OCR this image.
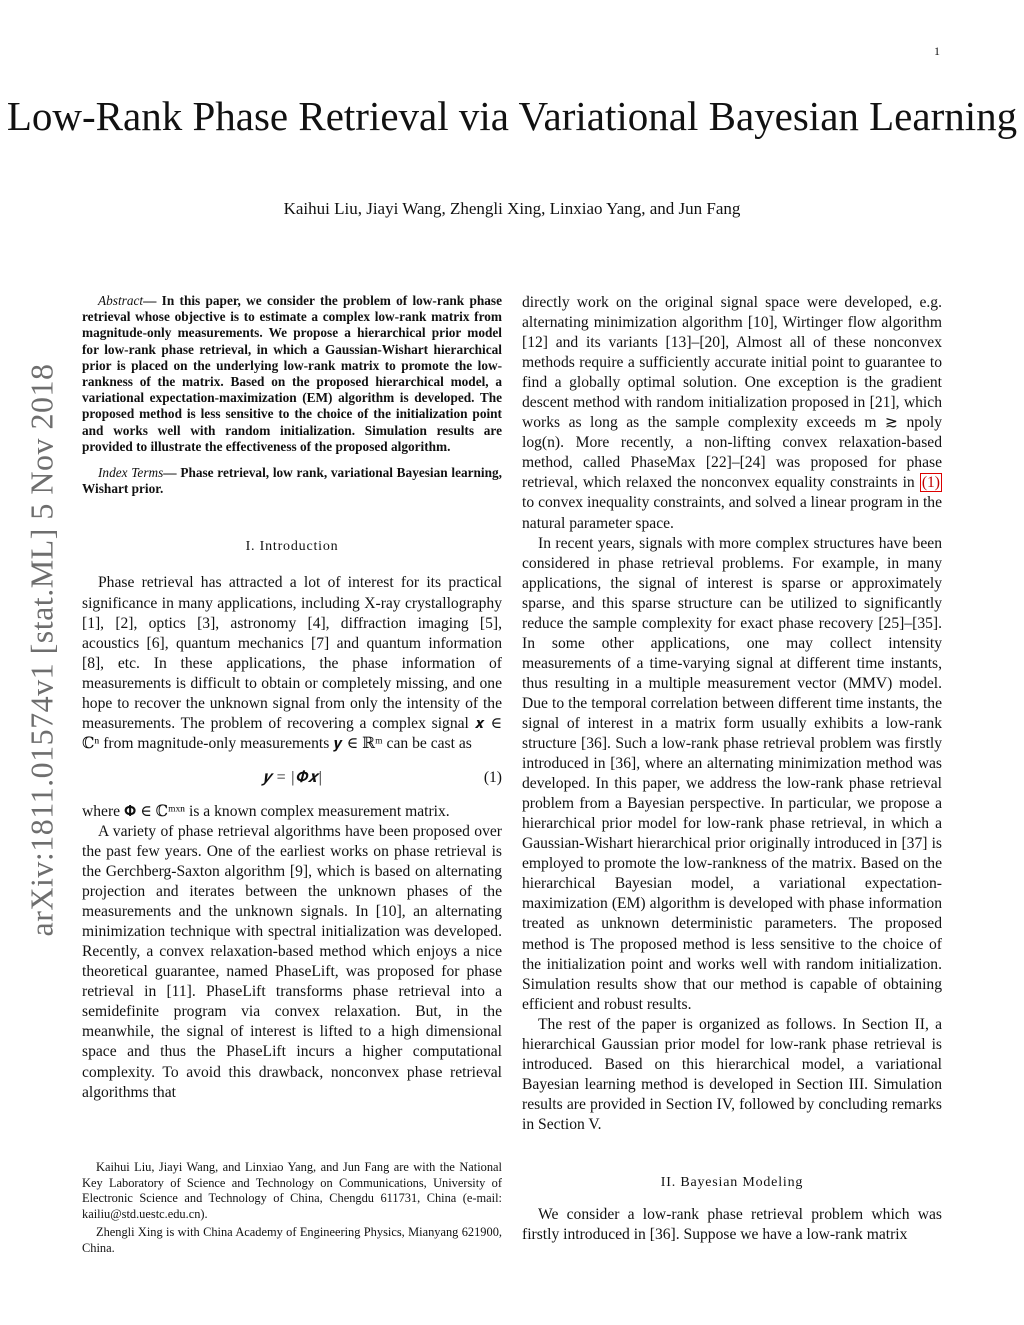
1
arXiv:1811.01574v1 [stat.ML] 5 Nov 2018
Low-Rank Phase Retrieval via Variational Bayesian Learning
Kaihui Liu, Jiayi Wang, Zhengli Xing, Linxiao Yang, and Jun Fang

Abstract— In this paper, we consider the problem of low-rank phase retrieval whose objective is to estimate a complex low-rank matrix from magnitude-only measurements. We propose a hierarchical prior model for low-rank phase retrieval, in which a Gaussian-Wishart hierarchical prior is placed on the underlying low-rank matrix to promote the low-rankness of the matrix. Based on the proposed hierarchical model, a variational expectation-maximization (EM) algorithm is developed. The proposed method is less sensitive to the choice of the initialization point and works well with random initialization. Simulation results are provided to illustrate the effectiveness of the proposed algorithm.

Index Terms— Phase retrieval, low rank, variational Bayesian learning, Wishart prior.

I. Introduction

Phase retrieval has attracted a lot of interest for its practical significance in many applications, including X-ray crystallography [1], [2], optics [3], astronomy [4], diffraction imaging [5], acoustics [6], quantum mechanics [7] and quantum information [8], etc. In these applications, the phase information of measurements is difficult to obtain or completely missing, and one hope to recover the unknown signal from only the intensity of the measurements. The problem of recovering a complex signal 𝒙 ∈ ℂⁿ from magnitude-only measurements 𝒚 ∈ ℝᵐ can be cast as

𝒚 = |𝚽𝒙|	(1)

where 𝚽 ∈ ℂᵐˣⁿ is a known complex measurement matrix.

A variety of phase retrieval algorithms have been proposed over the past few years. One of the earliest works on phase retrieval is the Gerchberg-Saxton algorithm [9], which is based on alternating projection and iterates between the unknown phases of the measurements and the unknown signals. In [10], an alternating minimization technique with spectral initialization was developed. Recently, a convex relaxation-based method which enjoys a nice theoretical guarantee, named PhaseLift, was proposed for phase retrieval in [11]. PhaseLift transforms phase retrieval into a semidefinite program via convex relaxation. But, in the meanwhile, the signal of interest is lifted to a high dimensional space and thus the PhaseLift incurs a higher computational complexity. To avoid this drawback, nonconvex phase retrieval algorithms that

Kaihui Liu, Jiayi Wang, and Linxiao Yang, and Jun Fang are with the National Key Laboratory of Science and Technology on Communications, University of Electronic Science and Technology of China, Chengdu 611731, China (e-mail: kailiu@std.uestc.edu.cn).

Zhengli Xing is with China Academy of Engineering Physics, Mianyang 621900, China.

directly work on the original signal space were developed, e.g. alternating minimization algorithm [10], Wirtinger flow algorithm [12] and its variants [13]–[20], Almost all of these nonconvex methods require a sufficiently accurate initial point to guarantee to find a globally optimal solution. One exception is the gradient descent method with random initialization proposed in [21], which works as long as the sample complexity exceeds m ≳ npoly log(n). More recently, a non-lifting convex relaxation-based method, called PhaseMax [22]–[24] was proposed for phase retrieval, which relaxed the nonconvex equality constraints in (1) to convex inequality constraints, and solved a linear program in the natural parameter space.

In recent years, signals with more complex structures have been considered in phase retrieval problems. For example, in many applications, the signal of interest is sparse or approximately sparse, and this sparse structure can be utilized to significantly reduce the sample complexity for exact phase recovery [25]–[35]. In some other applications, one may collect intensity measurements of a time-varying signal at different time instants, thus resulting in a multiple measurement vector (MMV) model. Due to the temporal correlation between different time instants, the signal of interest in a matrix form usually exhibits a low-rank structure [36]. Such a low-rank phase retrieval problem was firstly introduced in [36], where an alternating minimization method was developed. In this paper, we address the low-rank phase retrieval problem from a Bayesian perspective. In particular, we propose a hierarchical prior model for low-rank phase retrieval, in which a Gaussian-Wishart hierarchical prior originally introduced in [37] is employed to promote the low-rankness of the matrix. Based on the hierarchical Bayesian model, a variational expectation-maximization (EM) algorithm is developed with phase information treated as unknown deterministic parameters. The proposed method is The proposed method is less sensitive to the choice of the initialization point and works well with random initialization. Simulation results show that our method is capable of obtaining efficient and robust results.

The rest of the paper is organized as follows. In Section II, a hierarchical Gaussian prior model for low-rank phase retrieval is introduced. Based on this hierarchical model, a variational Bayesian learning method is developed in Section III. Simulation results are provided in Section IV, followed by concluding remarks in Section V.

II. Bayesian Modeling

We consider a low-rank phase retrieval problem which was firstly introduced in [36]. Suppose we have a low-rank matrix
